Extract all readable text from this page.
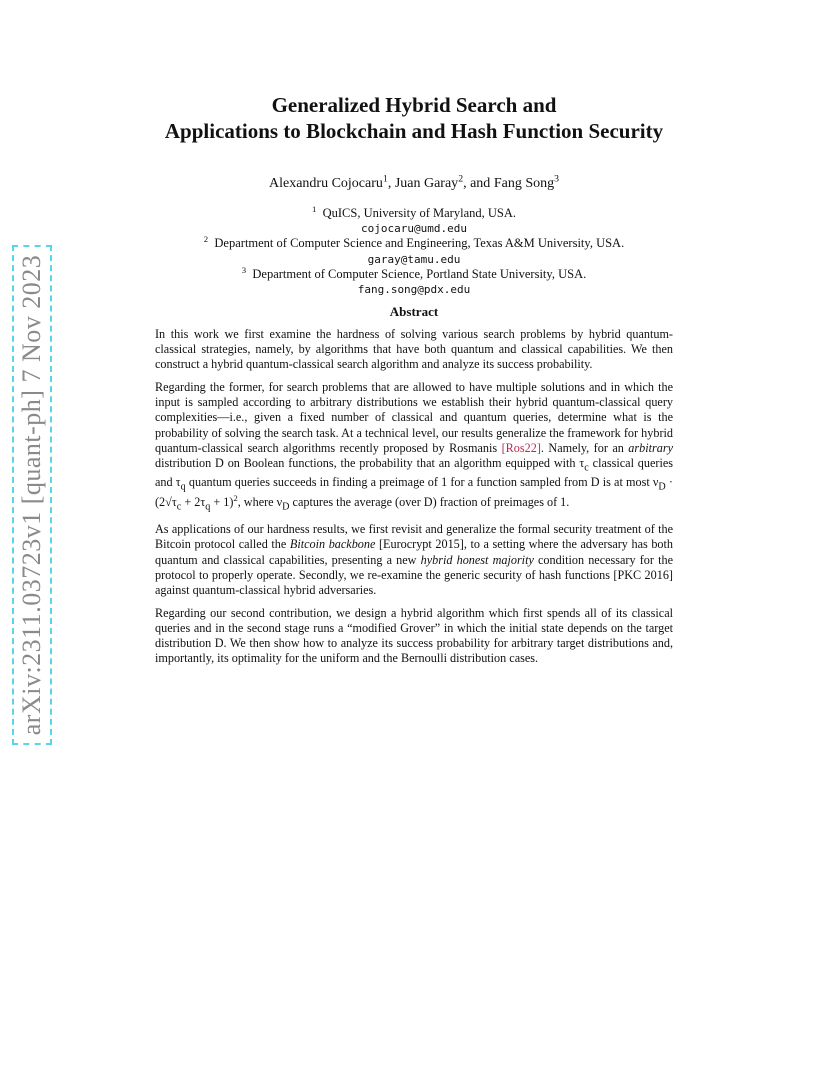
arXiv:2311.03723v1 [quant-ph] 7 Nov 2023
Generalized Hybrid Search and
Applications to Blockchain and Hash Function Security
Alexandru Cojocaru$^1$, Juan Garay$^2$, and Fang Song$^3$
$^1$ QuICS, University of Maryland, USA.
cojocaru@umd.edu
$^2$ Department of Computer Science and Engineering, Texas A&M University, USA.
garay@tamu.edu
$^3$ Department of Computer Science, Portland State University, USA.
fang.song@pdx.edu
Abstract

In this work we first examine the hardness of solving various search problems by hybrid quantum-classical strategies, namely, by algorithms that have both quantum and classical capabilities. We then construct a hybrid quantum-classical search algorithm and analyze its success probability.

Regarding the former, for search problems that are allowed to have multiple solutions and in which the input is sampled according to arbitrary distributions we establish their hybrid quantum-classical query complexities—i.e., given a fixed number of classical and quantum queries, determine what is the probability of solving the search task. At a technical level, our results generalize the framework for hybrid quantum-classical search algorithms recently proposed by Rosmanis [Ros22]. Namely, for an arbitrary distribution D on Boolean functions, the probability that an algorithm equipped with $\tau_c$ classical queries and $\tau_q$ quantum queries succeeds in finding a preimage of 1 for a function sampled from D is at most $\nu_D \cdot (2√\tau_c + 2\tau_q + 1)^2$, where $\nu_D$ captures the average (over D) fraction of preimages of 1.

As applications of our hardness results, we first revisit and generalize the formal security treatment of the Bitcoin protocol called the Bitcoin backbone [Eurocrypt 2015], to a setting where the adversary has both quantum and classical capabilities, presenting a new hybrid honest majority condition necessary for the protocol to properly operate. Secondly, we re-examine the generic security of hash functions [PKC 2016] against quantum-classical hybrid adversaries.

Regarding our second contribution, we design a hybrid algorithm which first spends all of its classical queries and in the second stage runs a “modified Grover” in which the initial state depends on the target distribution D. We then show how to analyze its success probability for arbitrary target distributions and, importantly, its optimality for the uniform and the Bernoulli distribution cases.
